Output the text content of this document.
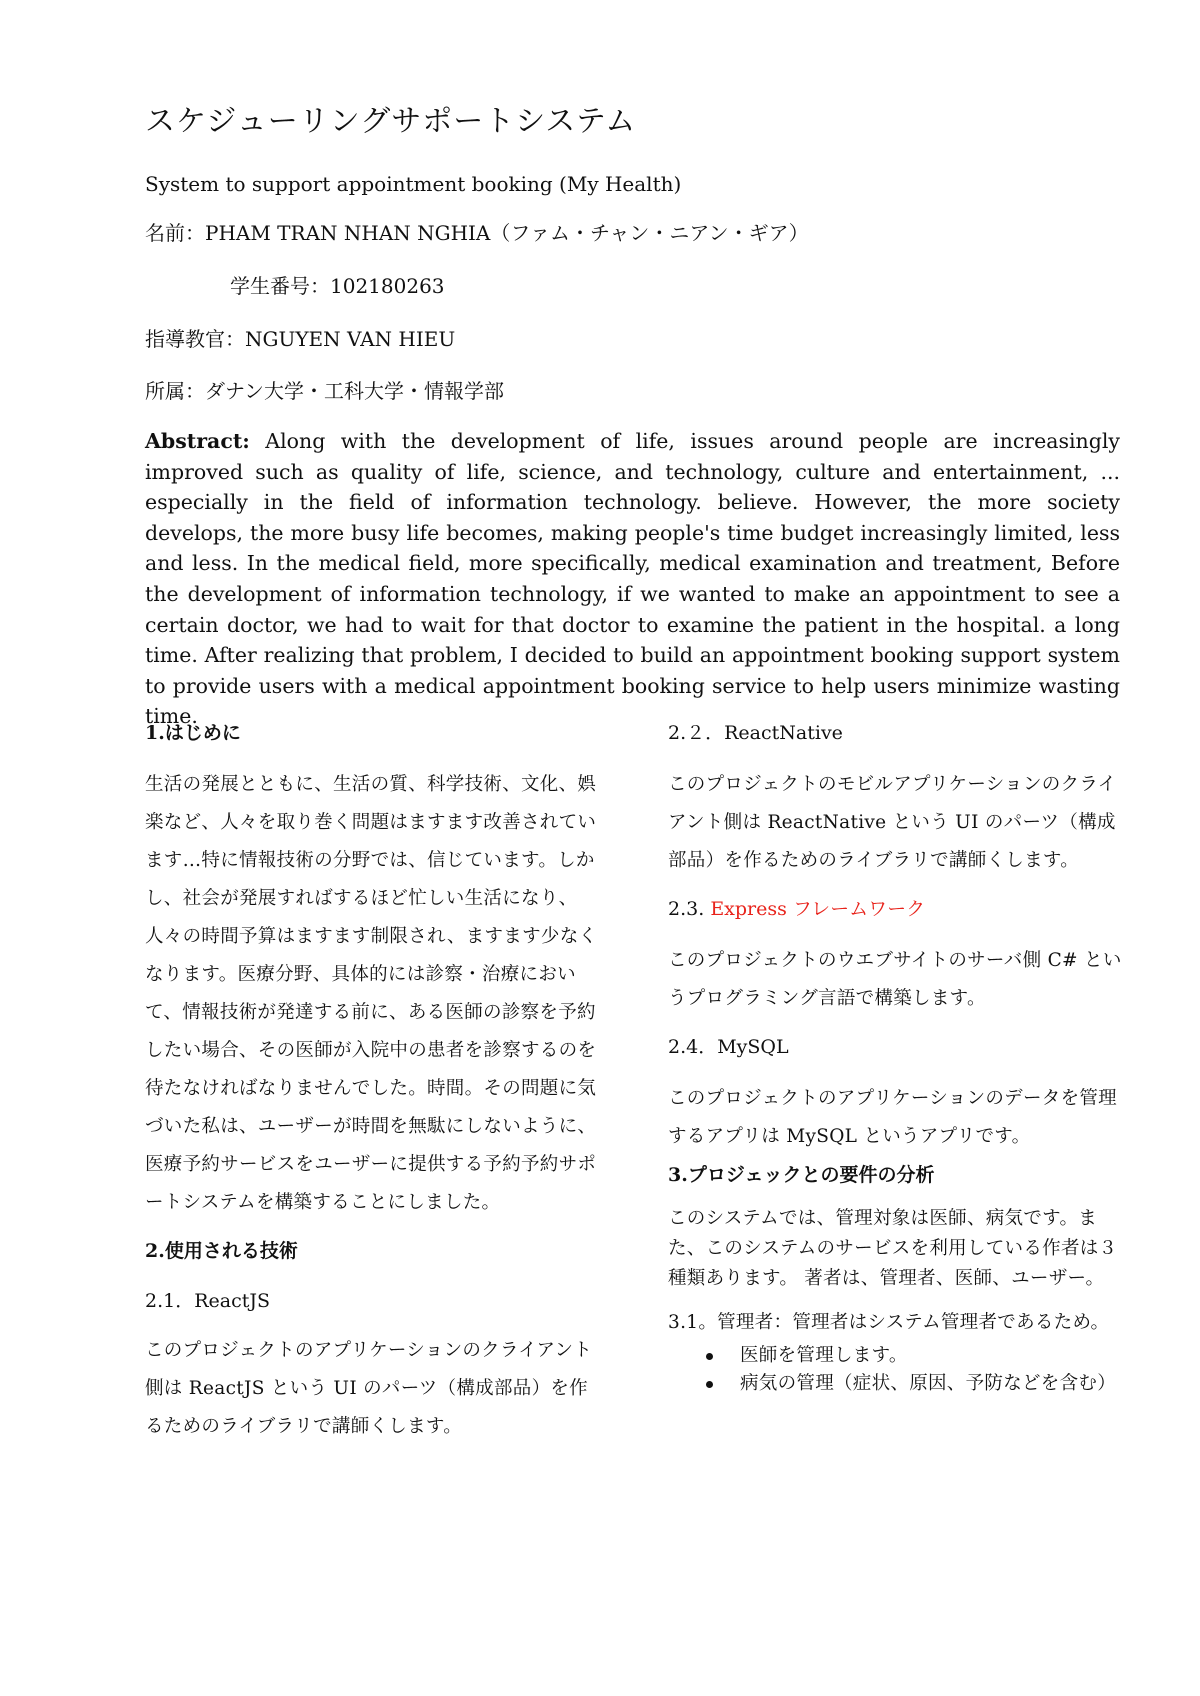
スケジューリングサポートシステム
System to support appointment booking (My Health)
名前：PHAM TRAN NHAN NGHIA（ファム・チャン・ニアン・ギア）
学生番号：102180263
指導教官：NGUYEN VAN HIEU
所属：ダナン大学・工科大学・情報学部
Abstract: Along with the development of life, issues around people are increasingly improved such as quality of life, science, and technology, culture and entertainment, ... especially in the field of information technology. believe. However, the more society develops, the more busy life becomes, making people's time budget increasingly limited, less and less. In the medical field, more specifically, medical examination and treatment, Before the development of information technology, if we wanted to make an appointment to see a certain doctor, we had to wait for that doctor to examine the patient in the hospital. a long time. After realizing that problem, I decided to build an appointment booking support system to provide users with a medical appointment booking service to help users minimize wasting time.

1.はじめに

生活の発展とともに、生活の質、科学技術、文化、娯楽など、人々を取り巻く問題はますます改善されています…特に情報技術の分野では、信じています。しかし、社会が発展すればするほど忙しい生活になり、人々の時間予算はますます制限され、ますます少なくなります。医療分野、具体的には診察・治療において、情報技術が発達する前に、ある医師の診察を予約したい場合、その医師が入院中の患者を診察するのを待たなければなりませんでした。時間。その問題に気づいた私は、ユーザーが時間を無駄にしないように、医療予約サービスをユーザーに提供する予約予約サポートシステムを構築することにしました。

2.使用される技術

2.1．ReactJS

このプロジェクトのアプリケーションのクライアント側は ReactJS という UI のパーツ（構成部品）を作るためのライブラリで講師くします。

2.２．ReactNative

このプロジェクトのモビルアプリケーションのクライアント側は ReactNative という UI のパーツ（構成部品）を作るためのライブラリで講師くします。

2.3. Express フレームワーク

このプロジェクトのウエブサイトのサーバ側 C# というプログラミング言語で構築します。

2.4．MySQL

このプロジェクトのアプリケーションのデータを管理するアプリは MySQL というアプリです。

3.プロジェックとの要件の分析

このシステムでは、管理対象は医師、病気です。また、このシステムのサービスを利用している作者は３種類あります。 著者は、管理者、医師、ユーザー。

3.1。管理者：管理者はシステム管理者であるため。

医師を管理します。
病気の管理（症状、原因、予防などを含む）
